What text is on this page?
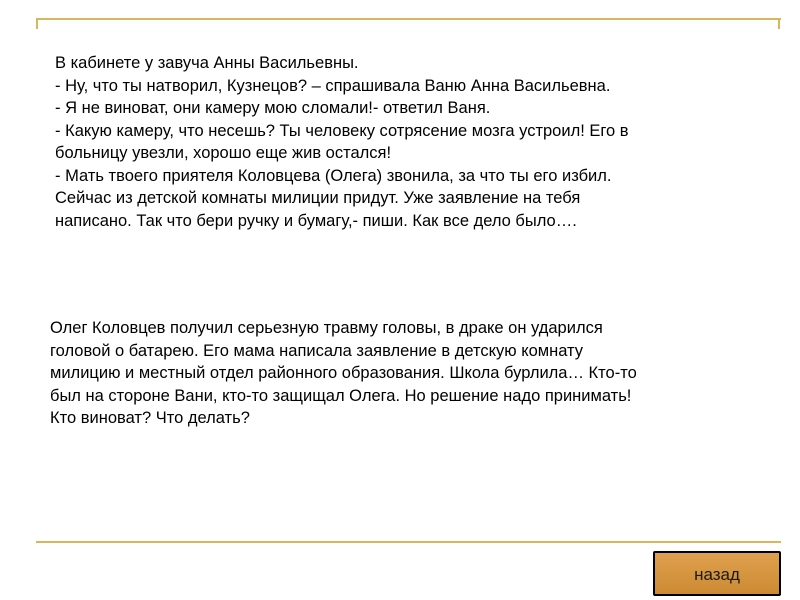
В кабинете у завуча Анны Васильевны.
- Ну, что ты натворил, Кузнецов? – спрашивала Ваню Анна Васильевна.
- Я не виноват, они камеру мою сломали!- ответил Ваня.
- Какую камеру, что несешь? Ты человеку сотрясение мозга устроил! Его в
больницу увезли, хорошо еще жив остался!
- Мать твоего приятеля Коловцева (Олега) звонила, за что ты его избил.
Сейчас из детской комнаты милиции придут. Уже заявление на тебя
написано. Так что бери ручку и бумагу,- пиши. Как все дело было….
Олег Коловцев получил серьезную травму головы, в драке он ударился
головой о батарею. Его мама написала заявление в детскую комнату
милицию и местный отдел районного образования. Школа бурлила… Кто-то
был на стороне Вани, кто-то защищал Олега. Но решение надо принимать!
Кто виноват? Что делать?
назад
